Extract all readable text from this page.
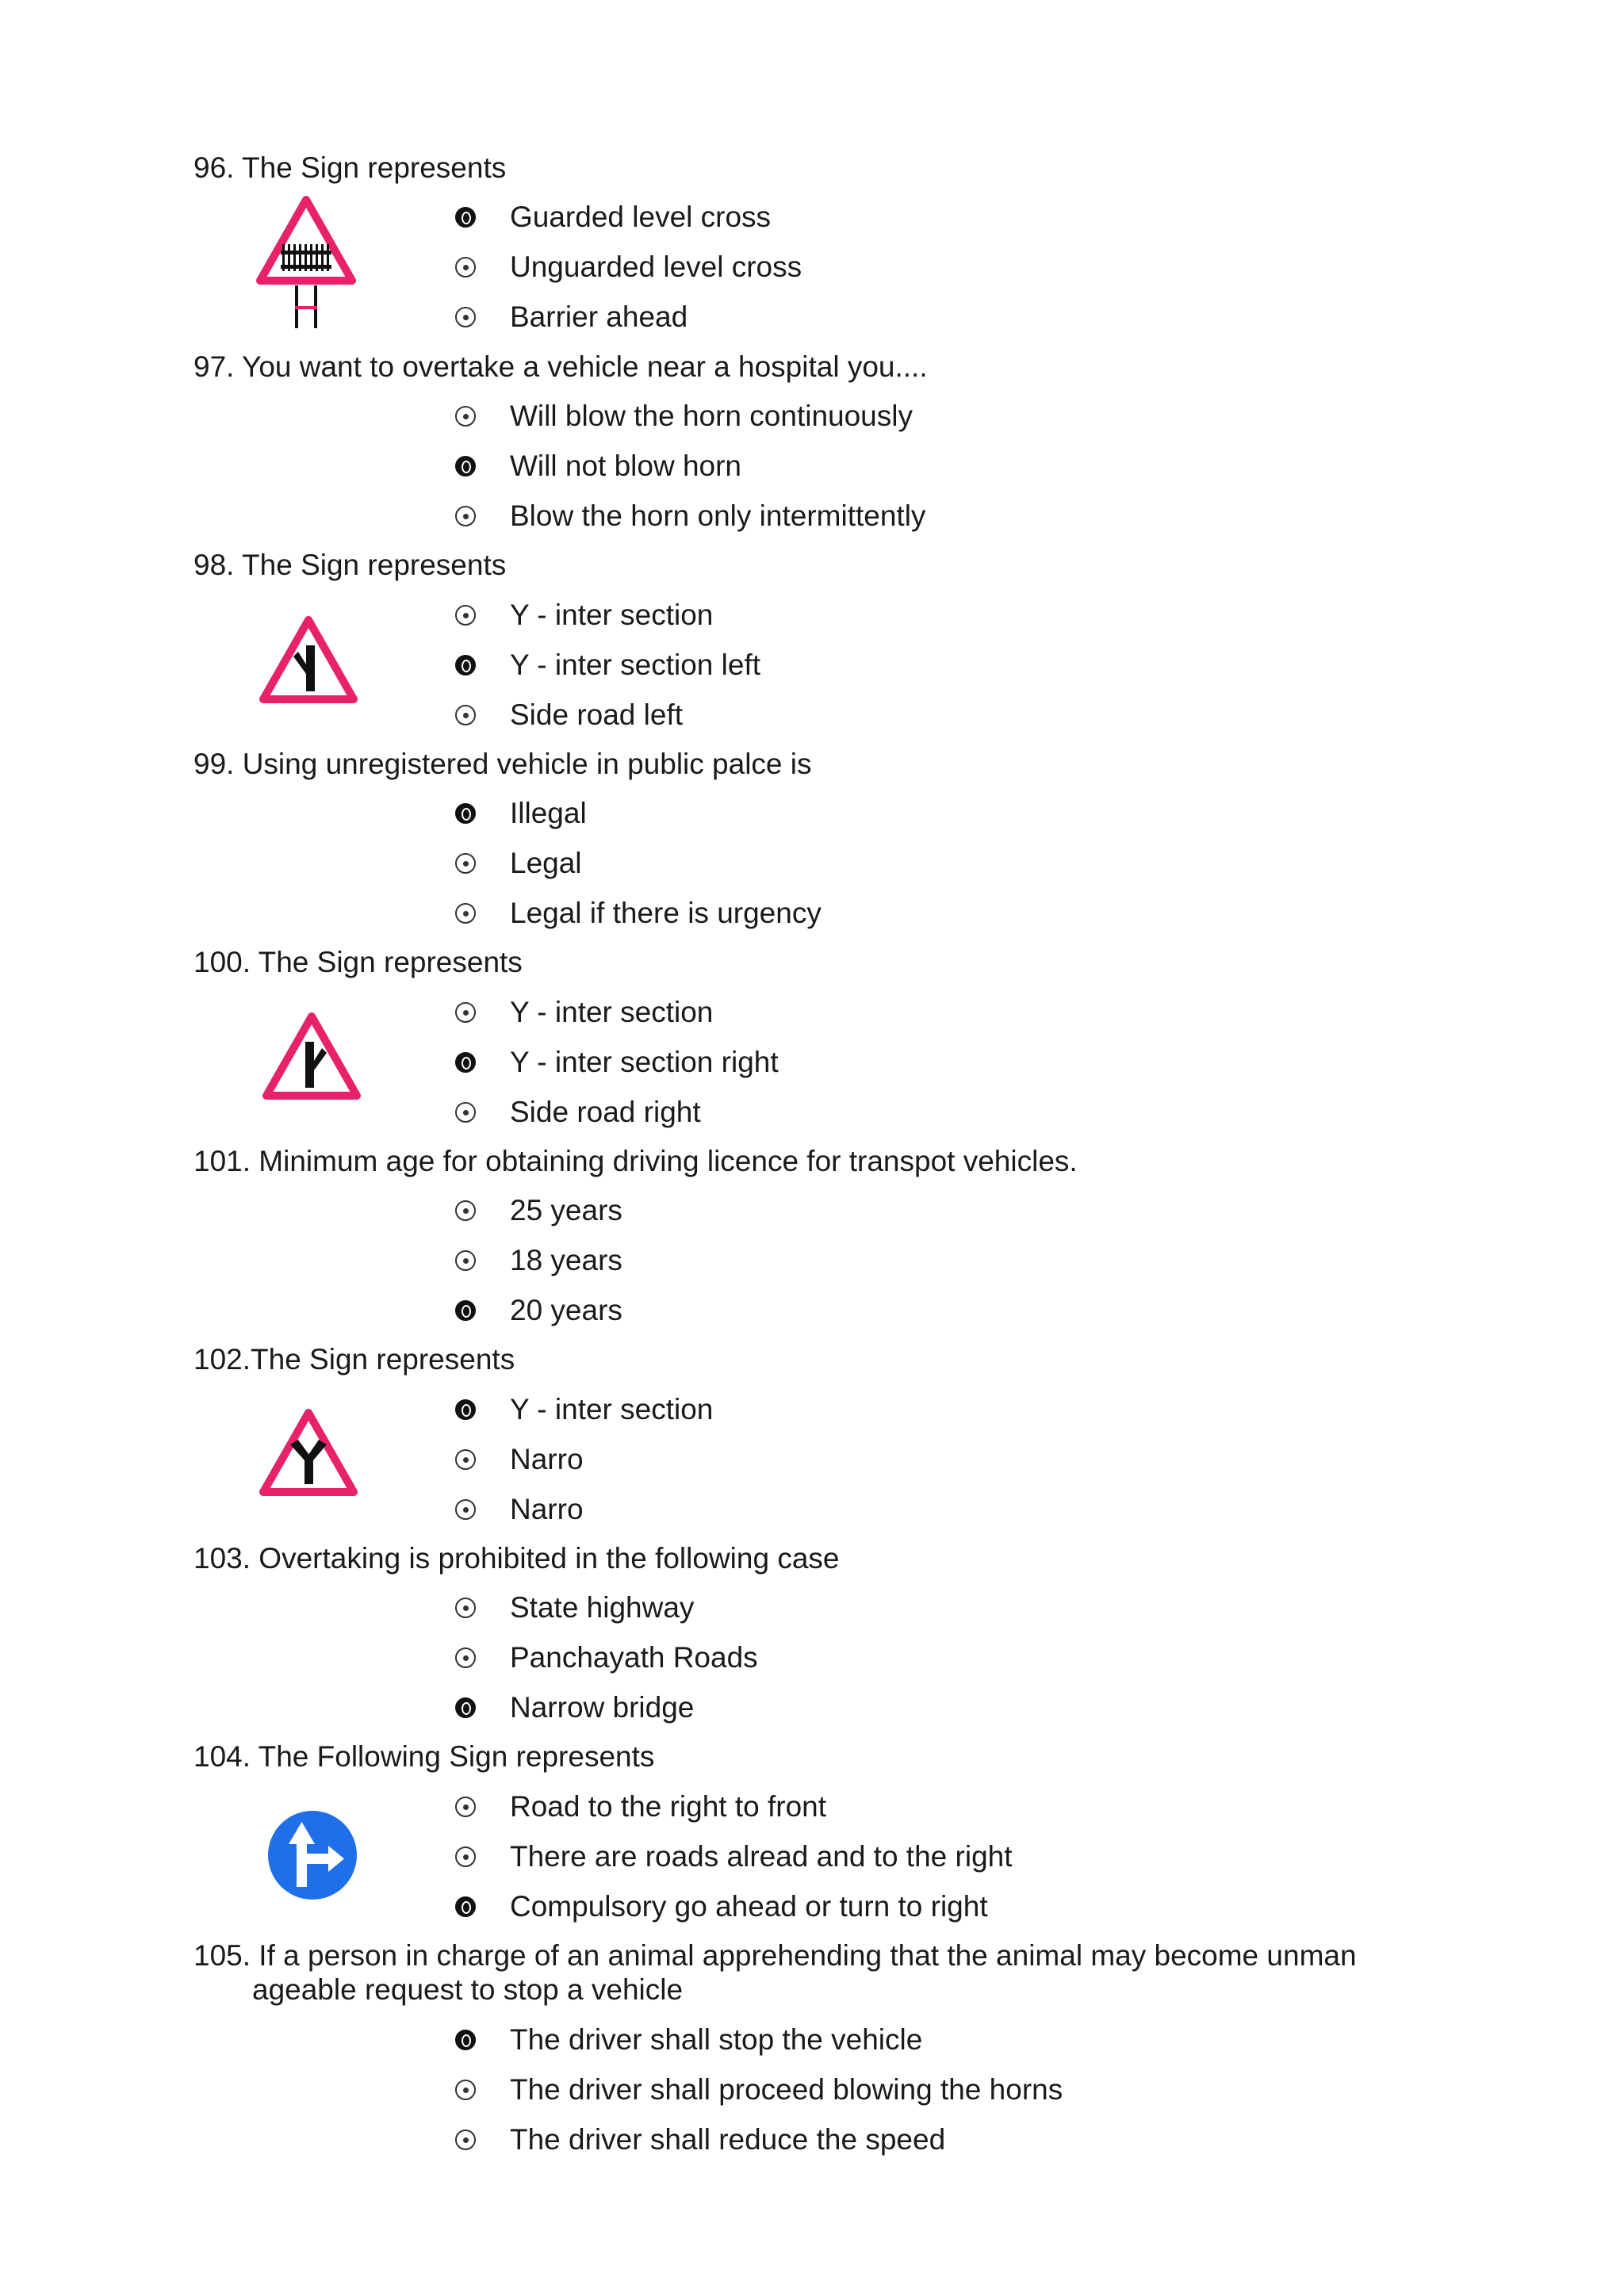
96. The Sign represents
Guarded level cross
Unguarded level cross
Barrier ahead
97. You want to overtake a vehicle near a hospital you....
Will blow the horn continuously
Will not blow horn
Blow the horn only intermittently
98. The Sign represents
Y - inter section
Y - inter section left
Side road left
99. Using unregistered vehicle in public palce is
Illegal
Legal
Legal if there is urgency
100. The Sign represents
Y - inter section
Y - inter section right
Side road right
101. Minimum age for obtaining driving licence for transpot vehicles.
25 years
18 years
20 years
102.The Sign represents
Y - inter section
Narro
Narro
103. Overtaking is prohibited in the following case
State highway
Panchayath Roads
Narrow bridge
104. The Following Sign represents
Road to the right to front
There are roads alread and to the right
Compulsory go ahead or turn to right
105. If a person in charge of an animal apprehending that the animal may become unman
ageable request to stop a vehicle
The driver shall stop the vehicle
The driver shall proceed blowing the horns
The driver shall reduce the speed
